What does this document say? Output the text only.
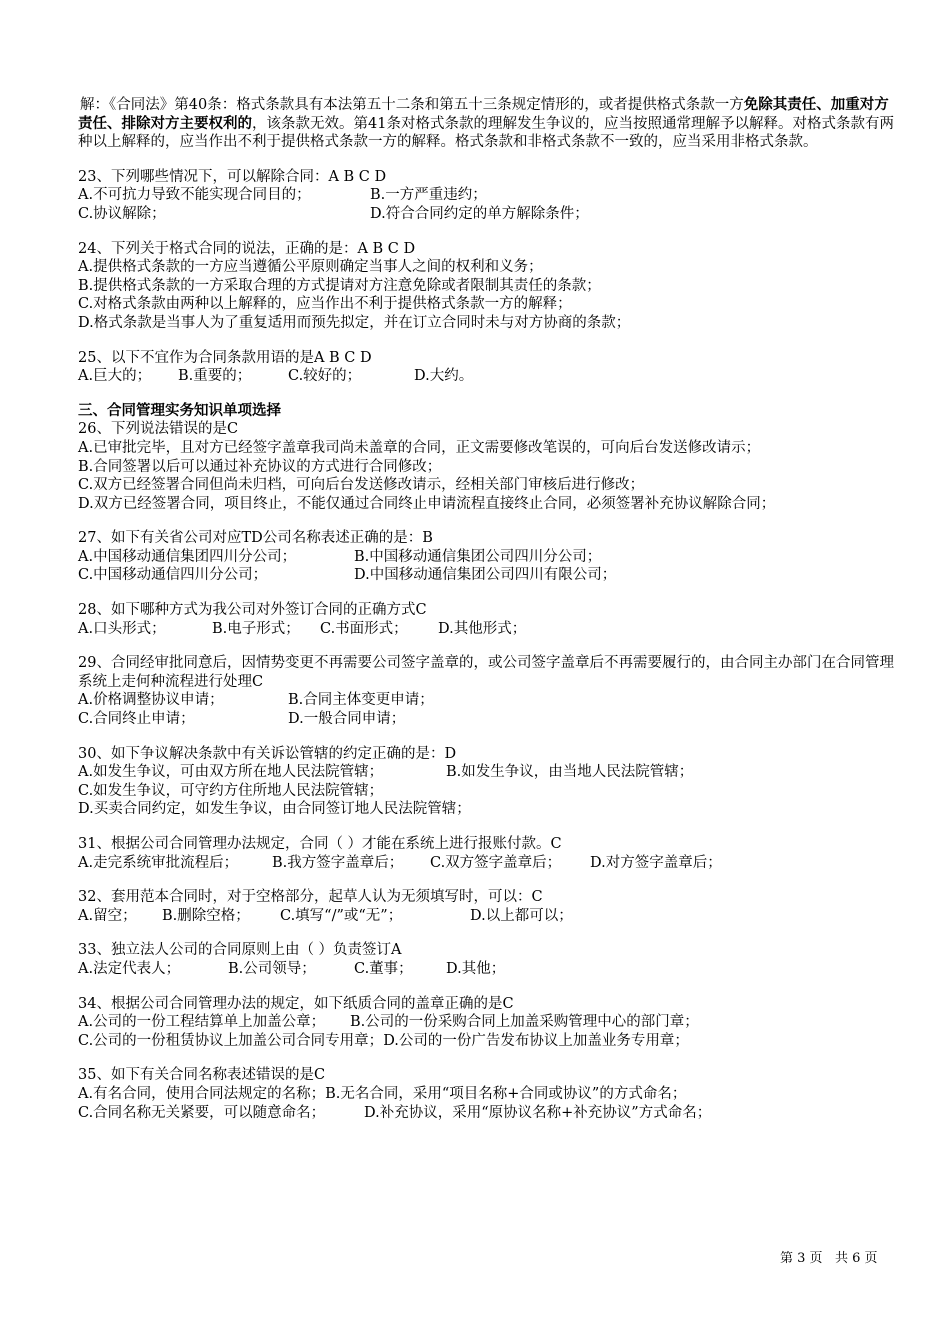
解：《合同法》第40条：格式条款具有本法第五十二条和第五十三条规定情形的，或者提供格式条款一方免除其责任、加重对方责任、排除对方主要权利的，该条款无效。第41条对格式条款的理解发生争议的，应当按照通常理解予以解释。对格式条款有两种以上解释的，应当作出不利于提供格式条款一方的解释。格式条款和非格式条款不一致的，应当采用非格式条款。

23、下列哪些情况下，可以解除合同：A B C D
A.不可抗力导致不能实现合同目的；	B.一方严重违约；
C.协议解除；	D.符合合同约定的单方解除条件；
24、下列关于格式合同的说法，正确的是：A B C D
A.提供格式条款的一方应当遵循公平原则确定当事人之间的权利和义务；
B.提供格式条款的一方采取合理的方式提请对方注意免除或者限制其责任的条款；
C.对格式条款由两种以上解释的，应当作出不利于提供格式条款一方的解释；
D.格式条款是当事人为了重复适用而预先拟定，并在订立合同时未与对方协商的条款；
25、以下不宜作为合同条款用语的是A B C D
A.巨大的； B.重要的；	C.较好的；	D.大约。
三、合同管理实务知识单项选择
26、下列说法错误的是C
A.已审批完毕，且对方已经签字盖章我司尚未盖章的合同，正文需要修改笔误的，可向后台发送修改请示；
B.合同签署以后可以通过补充协议的方式进行合同修改；
C.双方已经签署合同但尚未归档，可向后台发送修改请示，经相关部门审核后进行修改；
D.双方已经签署合同，项目终止，不能仅通过合同终止申请流程直接终止合同，必须签署补充协议解除合同；
27、如下有关省公司对应TD公司名称表述正确的是：B
A.中国移动通信集团四川分公司；	B.中国移动通信集团公司四川分公司；
C.中国移动通信四川分公司；	D.中国移动通信集团公司四川有限公司；
28、如下哪种方式为我公司对外签订合同的正确方式C
A.口头形式；	B.电子形式； C.书面形式； D.其他形式；
29、合同经审批同意后，因情势变更不再需要公司签字盖章的，或公司签字盖章后不再需要履行的，由合同主办部门在合同管理系统上走何种流程进行处理C
A.价格调整协议申请；	B.合同主体变更申请；
C.合同终止申请；	D.一般合同申请；
30、如下争议解决条款中有关诉讼管辖的约定正确的是：D
A.如发生争议，可由双方所在地人民法院管辖；	B.如发生争议，由当地人民法院管辖；
C.如发生争议，可守约方住所地人民法院管辖；
D.买卖合同约定，如发生争议，由合同签订地人民法院管辖；
31、根据公司合同管理办法规定，合同（ ）才能在系统上进行报账付款。C
A.走完系统审批流程后； B.我方签字盖章后； C.双方签字盖章后； D.对方签字盖章后；
32、套用范本合同时，对于空格部分，起草人认为无须填写时，可以：C
A.留空； B.删除空格； C.填写“/”或“无”；	D.以上都可以；
33、独立法人公司的合同原则上由（ ）负责签订A
A.法定代表人；	B.公司领导；	C.董事； D.其他；
34、根据公司合同管理办法的规定，如下纸质合同的盖章正确的是C
A.公司的一份工程结算单上加盖公章； B.公司的一份采购合同上加盖采购管理中心的部门章；
C.公司的一份租赁协议上加盖公司合同专用章；D.公司的一份广告发布协议上加盖业务专用章；
35、如下有关合同名称表述错误的是C
A.有名合同，使用合同法规定的名称；B.无名合同，采用“项目名称+合同或协议”的方式命名；
C.合同名称无关紧要，可以随意命名；	D.补充协议，采用“原协议名称+补充协议”方式命名；
第 3 页 共 6 页
